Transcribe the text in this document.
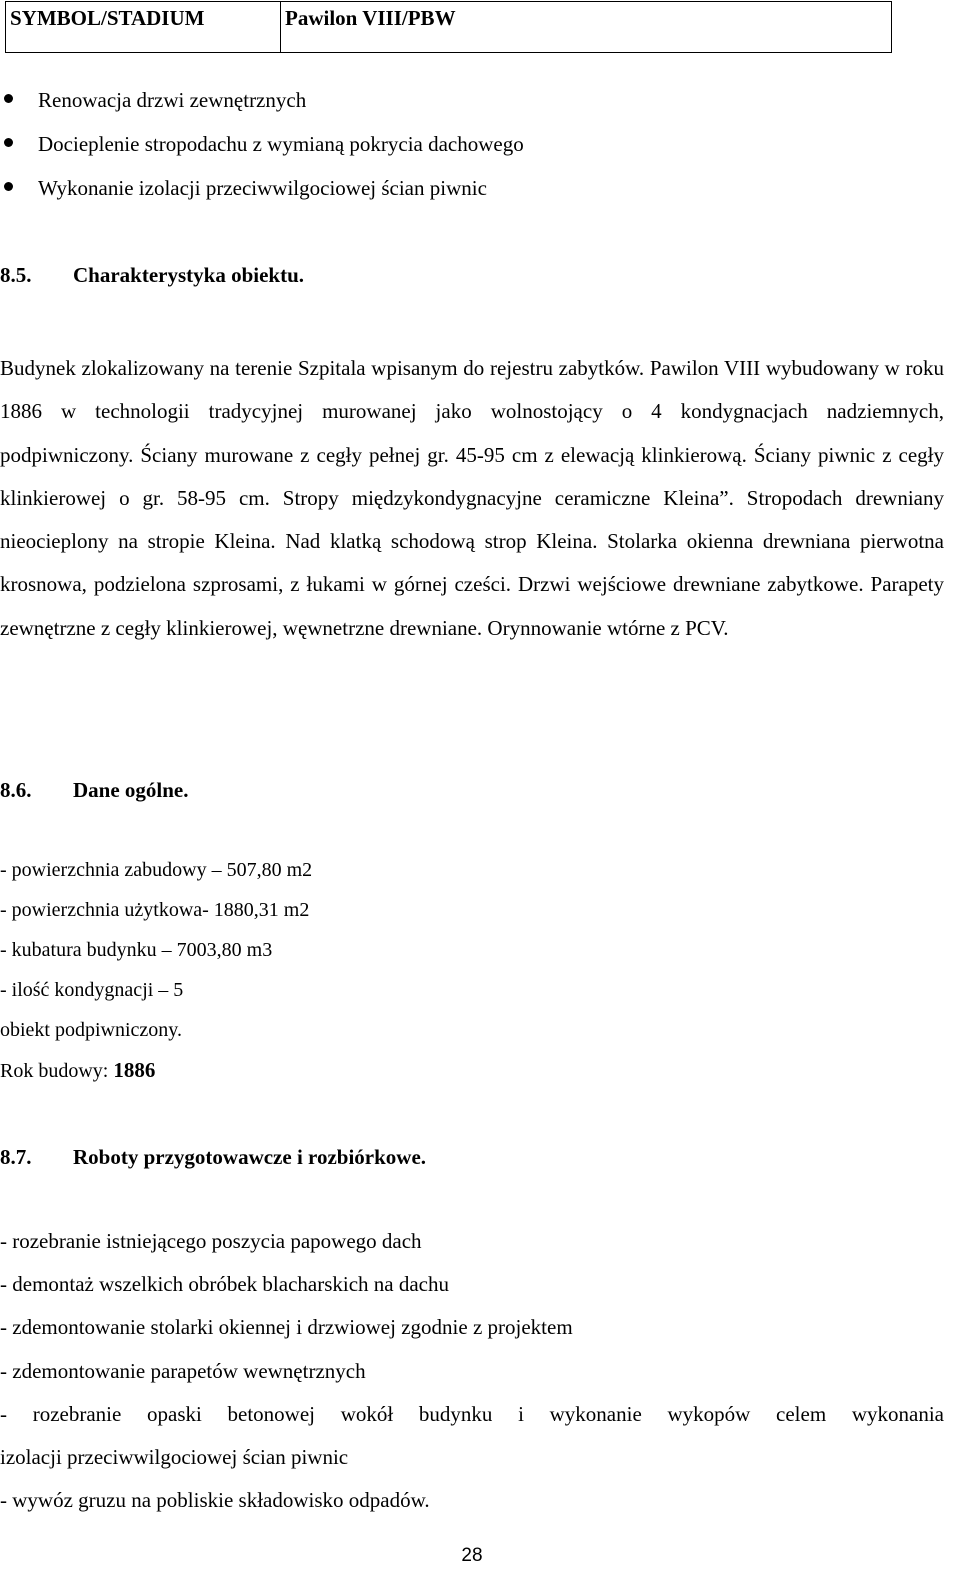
SYMBOL/STADIUM	Pawilon VIII/PBW
Renowacja drzwi zewnętrznych
Docieplenie stropodachu z wymianą pokrycia dachowego
Wykonanie izolacji przeciwwilgociowej ścian piwnic
8.5. Charakterystyka obiektu.

Budynek zlokalizowany na terenie Szpitala wpisanym do rejestru zabytków. Pawilon VIII wybudowany w roku 1886 w technologii tradycyjnej murowanej jako wolnostojący o 4 kondygnacjach nadziemnych, podpiwniczony. Ściany murowane z cegły pełnej gr. 45-95 cm z elewacją klinkierową. Ściany piwnic z cegły klinkierowej o gr. 58-95 cm. Stropy międzykondygnacyjne ceramiczne Kleina”. Stropodach drewniany nieocieplony na stropie Kleina. Nad klatką schodową strop Kleina. Stolarka okienna drewniana pierwotna krosnowa, podzielona szprosami, z łukami w górnej cześci. Drzwi wejściowe drewniane zabytkowe. Parapety zewnętrzne z cegły klinkierowej, węwnetrzne drewniane. Orynnowanie wtórne z PCV.

8.6. Dane ogólne.
- powierzchnia zabudowy – 507,80 m2
- powierzchnia użytkowa- 1880,31 m2
- kubatura budynku – 7003,80 m3
- ilość kondygnacji – 5
obiekt podpiwniczony.
Rok budowy: 1886
8.7. Roboty przygotowawcze i rozbiórkowe.
- rozebranie istniejącego poszycia papowego dach
- demontaż wszelkich obróbek blacharskich na dachu
- zdemontowanie stolarki okiennej i drzwiowej zgodnie z projektem
- zdemontowanie parapetów wewnętrznych
- rozebranie opaski betonowej wokół budynku i wykonanie wykopów celem wykonania
izolacji przeciwwilgociowej ścian piwnic
- wywóz gruzu na pobliskie składowisko odpadów.
28
